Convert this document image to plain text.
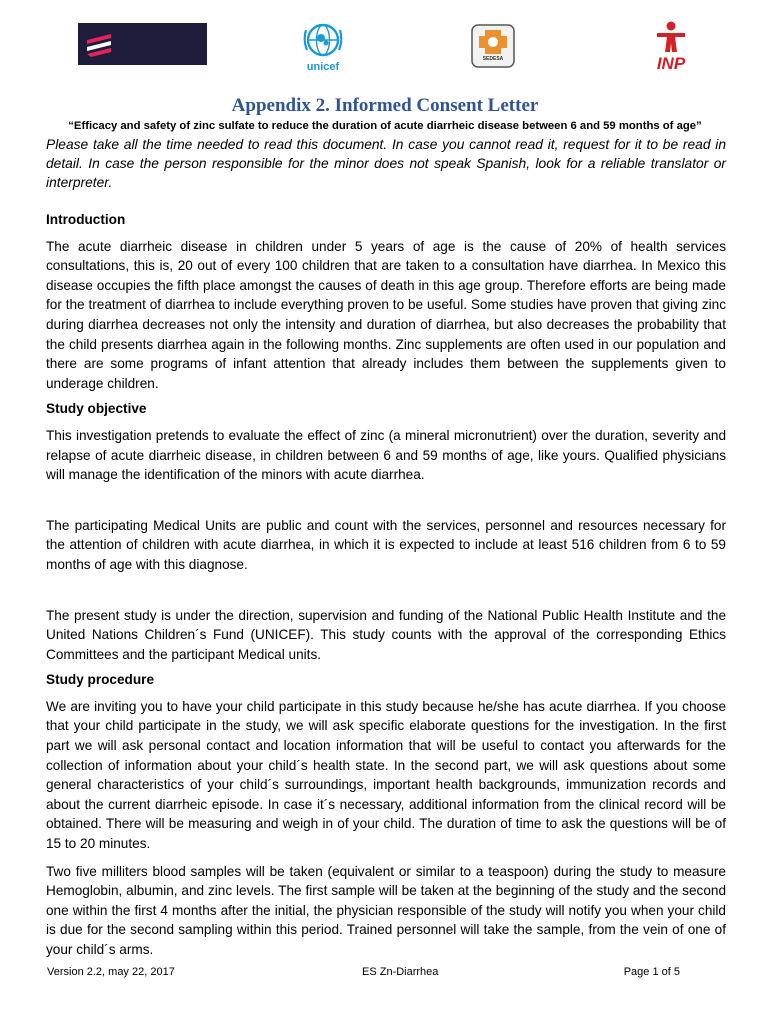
unicef
SEDESA	INP
Appendix 2. Informed Consent Letter
“Efficacy and safety of zinc sulfate to reduce the duration of acute diarrheic disease between 6 and 59 months of age”

Please take all the time needed to read this document. In case you cannot read it, request for it to be read in detail. In case the person responsible for the minor does not speak Spanish, look for a reliable translator or interpreter.

Introduction

The acute diarrheic disease in children under 5 years of age is the cause of 20% of health services consultations, this is, 20 out of every 100 children that are taken to a consultation have diarrhea. In Mexico this disease occupies the fifth place amongst the causes of death in this age group. Therefore efforts are being made for the treatment of diarrhea to include everything proven to be useful. Some studies have proven that giving zinc during diarrhea decreases not only the intensity and duration of diarrhea, but also decreases the probability that the child presents diarrhea again in the following months. Zinc supplements are often used in our population and there are some programs of infant attention that already includes them between the supplements given to underage children.

Study objective

This investigation pretends to evaluate the effect of zinc (a mineral micronutrient) over the duration, severity and relapse of acute diarrheic disease, in children between 6 and 59 months of age, like yours. Qualified physicians will manage the identification of the minors with acute diarrhea.

The participating Medical Units are public and count with the services, personnel and resources necessary for the attention of children with acute diarrhea, in which it is expected to include at least 516 children from 6 to 59 months of age with this diagnose.

The present study is under the direction, supervision and funding of the National Public Health Institute and the United Nations Children´s Fund (UNICEF). This study counts with the approval of the corresponding Ethics Committees and the participant Medical units.

Study procedure

We are inviting you to have your child participate in this study because he/she has acute diarrhea. If you choose that your child participate in the study, we will ask specific elaborate questions for the investigation. In the first part we will ask personal contact and location information that will be useful to contact you afterwards for the collection of information about your child´s health state. In the second part, we will ask questions about some general characteristics of your child´s surroundings, important health backgrounds, immunization records and about the current diarrheic episode. In case it´s necessary, additional information from the clinical record will be obtained. There will be measuring and weigh in of your child. The duration of time to ask the questions will be of 15 to 20 minutes.

Two five milliters blood samples will be taken (equivalent or similar to a teaspoon) during the study to measure Hemoglobin, albumin, and zinc levels. The first sample will be taken at the beginning of the study and the second one within the first 4 months after the initial, the physician responsible of the study will notify you when your child is due for the second sampling within this period. Trained personnel will take the sample, from the vein of one of your child´s arms.

Version 2.2, may 22, 2017	ES Zn-Diarrhea	Page 1 of 5
